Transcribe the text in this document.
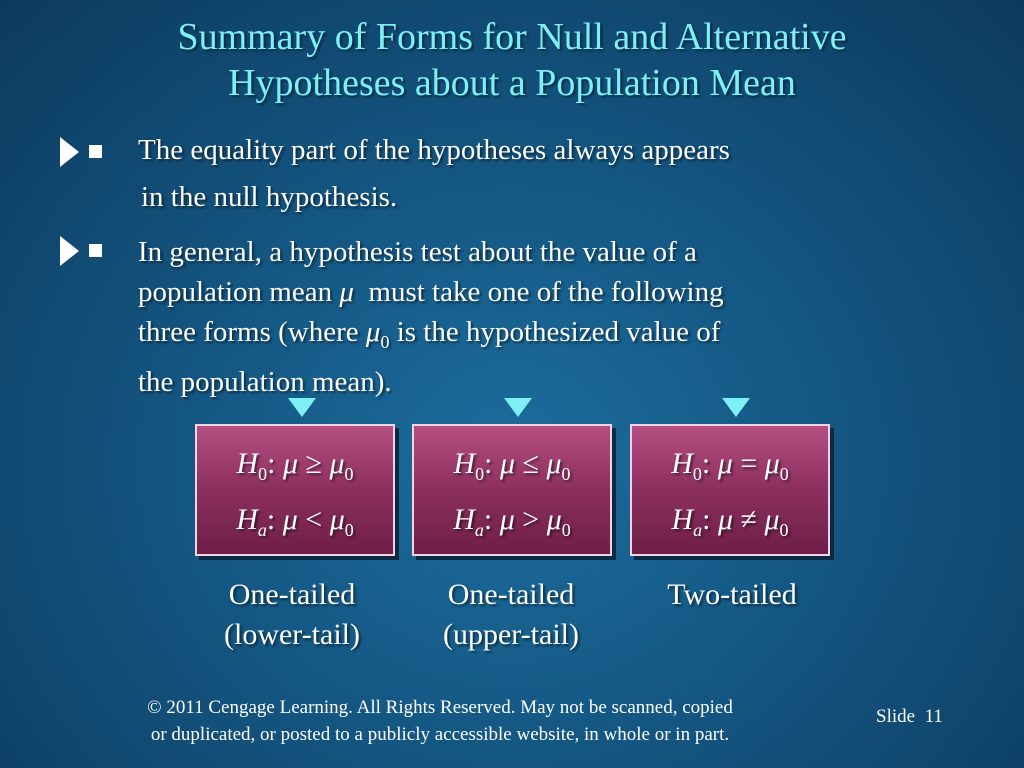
Summary of Forms for Null and Alternative
Hypotheses about a Population Mean
The equality part of the hypotheses always appears
in the null hypothesis.
In general, a hypothesis test about the value of a
population mean μ must take one of the following
three forms (where $\mu_0$ is the hypothesized value of
the population mean).
$H_0$: $\mu \ge \mu_0$
$H_a$: $\mu < \mu_0$
$H_0$: $\mu \le \mu_0$
$H_a$: $\mu > \mu_0$
$H_0$: $\mu = \mu_0$
$H_a$: $\mu \ne \mu_0$
One-tailed
(lower-tail)
One-tailed
(upper-tail)
Two-tailed
© 2011 Cengage Learning. All Rights Reserved. May not be scanned, copied
or duplicated, or posted to a publicly accessible website, in whole or in part.
Slide 11
